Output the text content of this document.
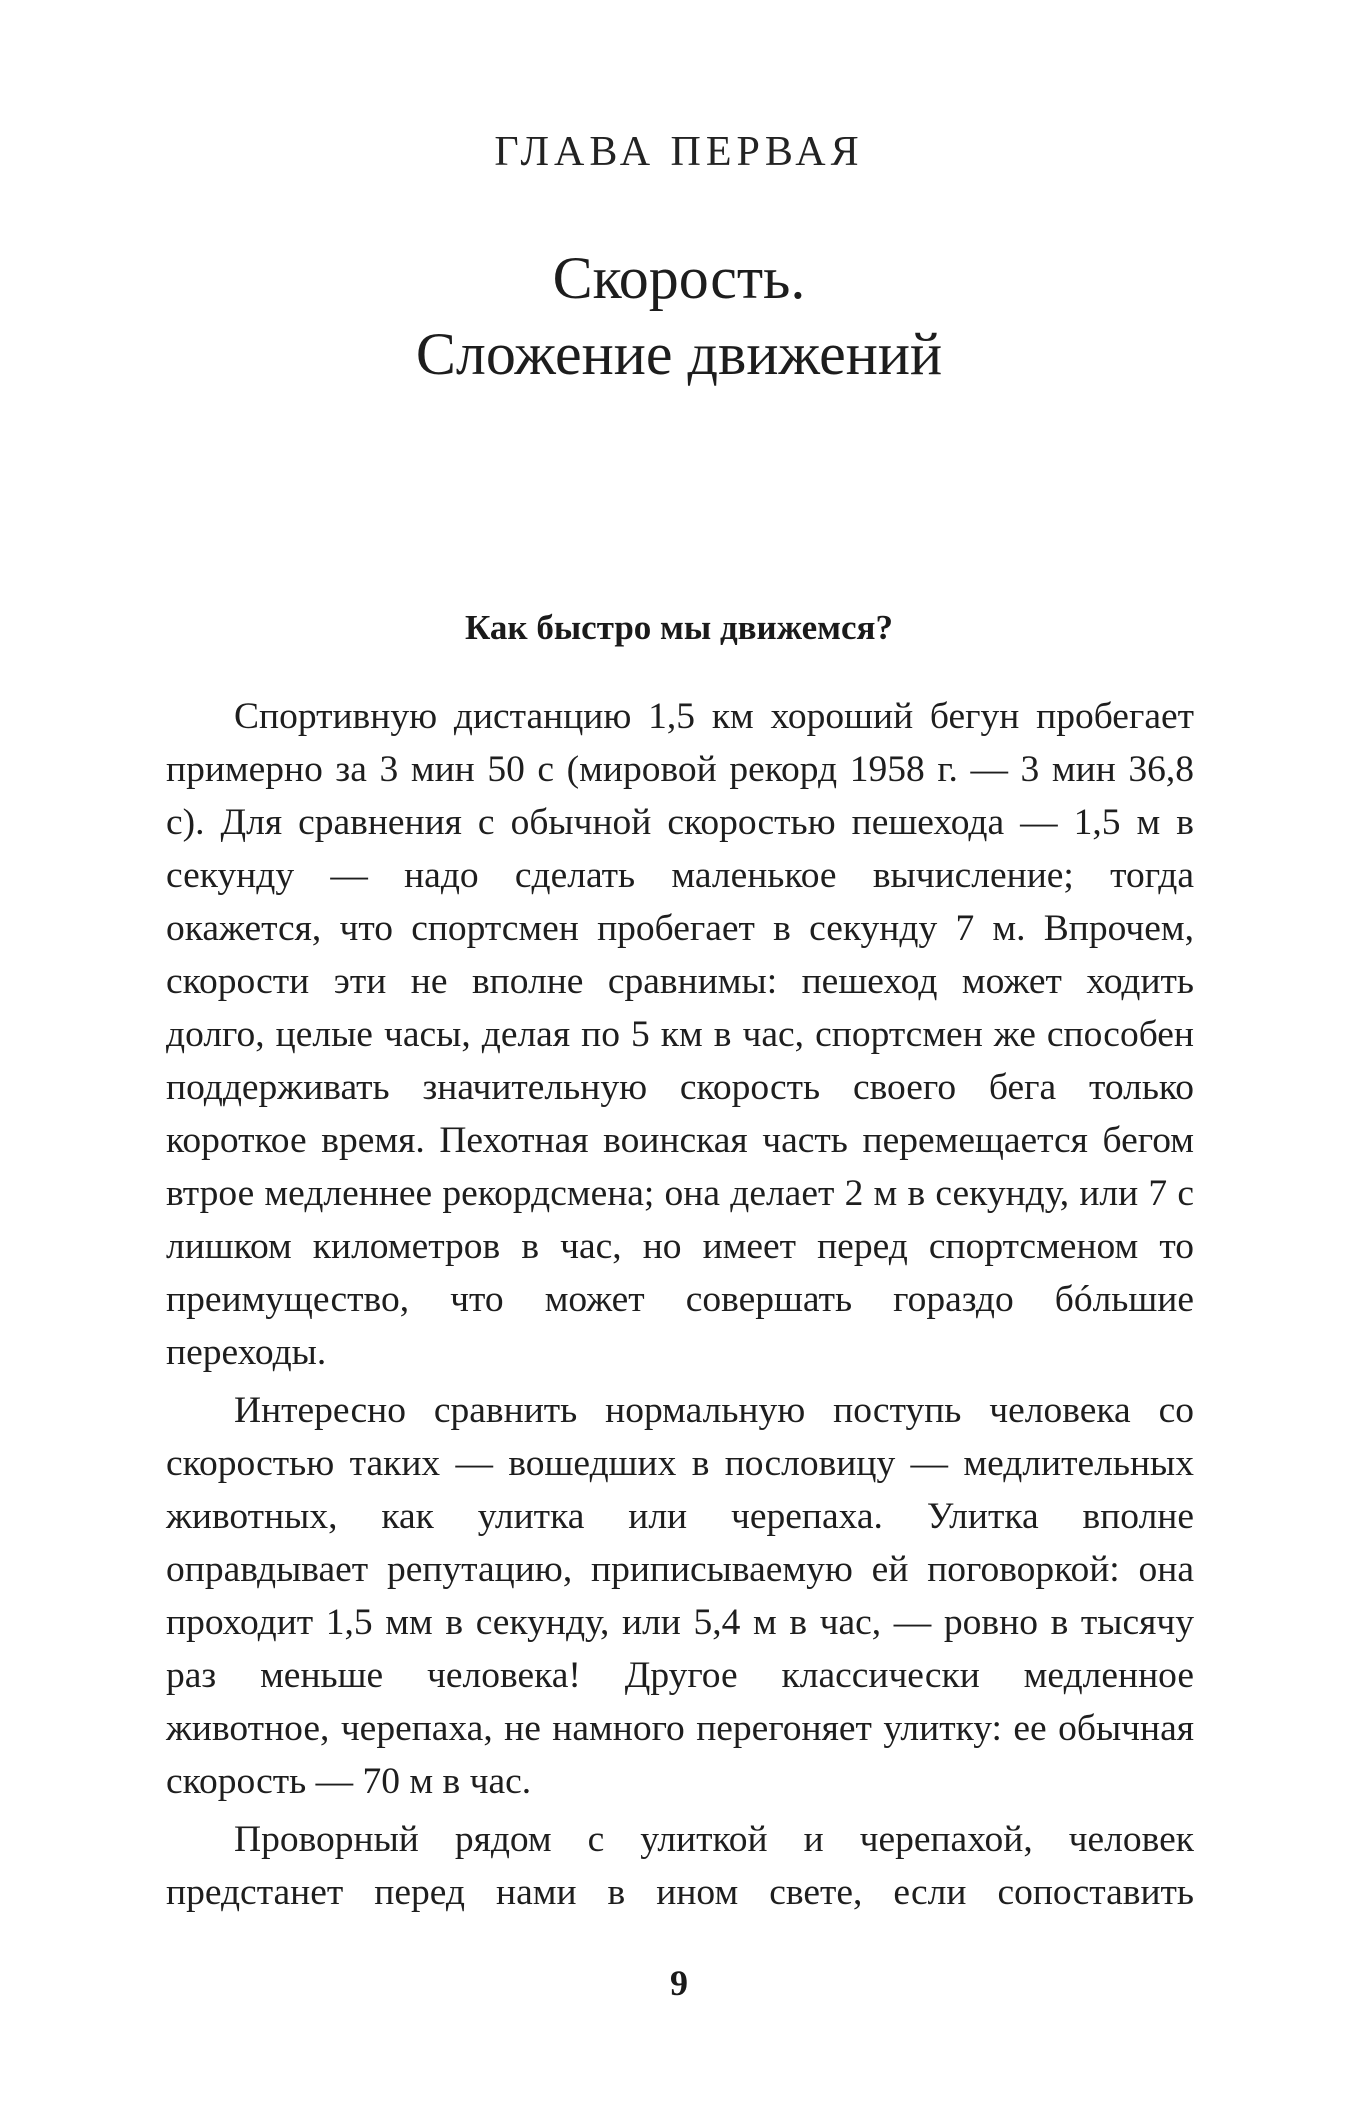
ГЛАВА ПЕРВАЯ
Скорость.
Сложение движений
Как быстро мы движемся?

Спортивную дистанцию 1,5 км хороший бегун пробегает примерно за 3 мин 50 с (мировой рекорд 1958 г. — 3 мин 36,8 с). Для сравнения с обычной скоростью пешехода — 1,5 м в секунду — надо сделать маленькое вычисление; тогда окажется, что спортсмен пробегает в секунду 7 м. Впрочем, скорости эти не вполне сравнимы: пешеход может ходить долго, целые часы, делая по 5 км в час, спортсмен же способен поддерживать значительную скорость своего бега только короткое время. Пехотная воинская часть перемещается бегом втрое медленнее рекордсмена; она делает 2 м в секунду, или 7 с лишком километров в час, но имеет перед спортсменом то преимущество, что может совершать гораздо бóльшие переходы.

Интересно сравнить нормальную поступь человека со скоростью таких — вошедших в пословицу — медлительных животных, как улитка или черепаха. Улитка вполне оправдывает репутацию, приписываемую ей поговоркой: она проходит 1,5 мм в секунду, или 5,4 м в час, — ровно в тысячу раз меньше человека! Другое классически медленное животное, черепаха, не намного перегоняет улитку: ее обычная скорость — 70 м в час.

Проворный рядом с улиткой и черепахой, человек предстанет перед нами в ином свете, если сопоставить

9
